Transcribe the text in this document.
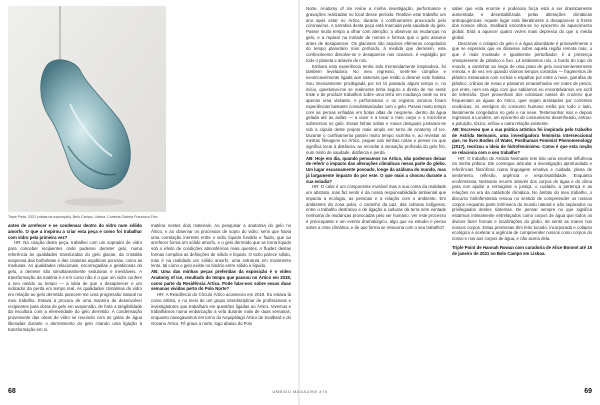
Triple Point, 2021 (vistas da exposição). Belo Campo, Lisboa. Cortesia Galeria Francisco Fino

antes de arrefecer e se condensar dentro do vidro num sólido amorfo. O que a inspirou a criar esta peça e como foi trabalhar com vidro pela primeira vez?

HR: Na criação desta peça, trabalhei com um soprador de vidro para conceber recipientes onde pudesse derreter gelo, numa referência às qualidades translúcidas do gelo glaciar, da cristalita suspensa das borboletas e das criaturas aquáticas porosas, como as medusas. As qualidades relacionais, escorregadias e gelatinosas do gelo, a derreter são simultaneamente sedutoras e inevitáveis. A transformação da matéria é e em curso não é o que um vidro confere a seu ouvido ou tempo — a ideia de que o desaparecer e um indicador da perda em tempo real. As qualidades cristalinas do vidro em relação ao gelo derretido parecem-me uma progressão natural no meu trabalho. Estava à procura de uma maneira de desenvolver recipientes para obras de gelo em suspensão, de forte a tangibilidade da escultura com a efemeridade do gelo derretido. A condensação proveniente das obras de vidro se reunindo com as gotas de água liberadas durante o derretimento do gelo criando uma ligação à transformação em si.

matéria nestes dois materiais. Ao pesquisar a anatomia do gelo no Ártico, e ao observar os processos de sopro do vidro, senti que havia uma correlação inerente entre o vidro líquido fundido e fluido, que ao arrefecer forma um sólido amorfo, e o gelo derretido que se torna líquido sob o efeito de condições atmosféricas mais quentes. A fluidez destas formas complica as definições de sólido e líquido. O vidro parece sólido, mas é na realidade um sólido amorfo, uma estrutura em movimento lento, tal como o gelo existe no binário entre sólido e líquido.

AB: Uma das minhas peças preferidas da exposição é o vídeo Anatomy of Ice, resultado do tempo que passou no Ártico em 2019, como parte da Residência Ártica. Pode falar-nos sobre essas duas semanas vividas perto do Polo Norte?

HR: A Residência do Círculo Ártico aconteceu em 2019. Eu estava lá como artista, e no meio de um grupo interdisciplinar de profissionais e investigadores que trabalham em questões ligadas ao Ártico. Vivemos e trabalhámos numa embarcação a vela durante mais de duas semanas, enquanto navegávamos em torno do Arquipélago Ártico de Svalbard e do Oceano Ártico. Fê graus a norte, logo abaixo do Polo

68

Norte. Anatomy of Ice reúne a minha investigação, performance e gravações realizadas no local desse período. Realizei este trabalho um ano após estar no Ártico, durante o confinamento provocado pelo coronavírus. A narrativa desta peça está marcada pela saudade do gelo. Passei muito tempo a olhar com atenção, a observar as mudanças no gelo, e a reparar na miríade de nomes e formas que o gelo assume antes de desaparecer. Os glaciares são arquivos efémeros congelados do tempo planetário mas profundo, à medida que derretem, este conhecimento dissolve-se e desaparece nos oceanos, é espalgão por todo o planeta e através de nós.

Embora esta experiência tenha sido tremendamente inspiradora, foi também reveladora. No meu regresso, senti-me cúmplice e inextricavelmente ligada aos sistemas que estão a destruir este habitat. Sou imensamente privilegiada por ter lá passado algum tempo e, no início, questionei-me se realmente tinha seguro a direito de me sentir triste e de produzir trabalhos sobre uma terra em mudança onde eu era apenas uma visitante. A performance e os registos sonoros foram experiências bastante consubstanciadas com o gelo. Passei muito tempo com as pernas enfiadas em botas altas de neoprene, dentro da água gelada até às axilas — a ouvir e a tocar o meu corpo e o microfone submersos no gelo. Essas linhas soltas e meios desiguais juntaram-se sob a cúpula deste projeto mais amplo em torno de Anatomy of Ice. Durante o confinamento passei muito tempo sozinha e, ao revisitar as minhas filmagens no Ártico, peguei nas minhas notas e pensei no que significa tocar à distância, ao recordar a sensação profunda do gelo frio, num misto de saudade, distância e perda.

AB: Hoje em dia, quando pensamos no Ártico, não podemos deixar de referir o impacto das alterações climáticas nessa parte do globo. Um lugar escassamente povoado, longe da azáfama do mundo, mas já largamente impacto do por este. O que mais a chocou durante a sua estadia?

HR: O calor é um componente invisível mas a sua conta da realidade um abstrato, mas faz sentir é da nossa responsabilidade ambiental que impacta a ecologia, as pessoas e a relação com o ambiente. Em ambientes da zona polar, o caminho da paz, das culturas indígenas, entre o trabalho destrutivo e de ligação a culturas da terra sem vontade nenhuma de mudanças provocadas pelo ser humano. Ver este processo é preocupante e um evento dramatúrgico, algo que eu estudei e penso sobre a crise climática, e de que forma se relaciona com o seu trabalho?

saber que esta enorme e poderosa força está a ser drasticamente aumentada e desestabilizada pelas alterações climáticas antropogénicas. Aquele lugar está literalmente a desaparecer à frente dos nossos olhos. Svalbard encontra-se no epicentro do aquecimento global. Está a aquecer quatro vezes mais depressa do que a média global.

Descrever o colapso do gelo e a água abundante é provavelmente o que se esperaria que eu dissesse sobre aquela região remota mas, o que é mais inusitado e igualmente perturbador, é a presença omnipresente de plástico e lixo. Lá estávamos nós, a bordo do topo do mundo, a caminhar ao longo de uma praia de gelo inconvenientemente remota, e de vez em quando víamos tempos coloridos — fragmentos de plástico misturados com rochas e espalhar por entre a neve, garrafas de plástico, crânios de renas e pássaros emaranhados em redes de pesca; por entre, nem era algo com que sabíamos eu encontrávamos um ecrã de televisão. Quer provenham dos colossais navios de cruzeiro que frequentam as águas do Ártico, quer sejam arrastados por correntes oceânicas, os vestígios do consumo humano estão por todo o lado, literalmente congelados no gelo e na neve. Testemunhar isso e depois regressar a Londres, um epicentro de consumismo desenfreado, entrou-a poluição, tóxico, enfiou-o outra relação existente.

AB: Escreveu que a sua prática artística foi inspirada pelo trabalho de Astrida Neimanis, uma investigadora feminista interseccional que, no livro Bodies of Water, Posthuman Feminist Phenomenology (2017), teorizou a ideia de hidrofeminismo. Como é que esta noção se relaciona com o seu trabalho?

HR: O trabalho de Astrida Neimanis tem tido uma enorme influência na minha prática. Ele consegue articular a investigação aprofundada e referências filosóficas numa linguagem emotiva e cuidada, plena de sentimento, reflexão, urgência e responsabilidade. Enquanto ecofeminista, Neimanis recorre através dos corpos de água e do clima para nos ajudar a reimaginar a justiça, o cuidado, a pertença e as relações no era da catástrofe climática. No âmbito do meu trabalho, o discurso hidrofeminista ressoa no sentido de compreender os nossos corpos enquanto parte intrínseca do mundo natural e não separados ou privilegiados destes sistemas. De pensar sempre no que significa estarmos intimamente entrelaçados como corpos de água que todos os divinos fazer formas e localizações do globo, de sentir as mares nos nossos corpos. Estas premissas têm feito tocado, incorporada e colapso ecológico e acelerar a urgência de compreender nossos como corpos do nosso e nos aos corpos de água, e não acima dela.

Triple Point de Hannah Rowan com curadoria de Alice Bonnot até 15 de janeiro de 2021 no Belo Campo em Lisboa.

69
UMBIGO MAGAZINE #75
